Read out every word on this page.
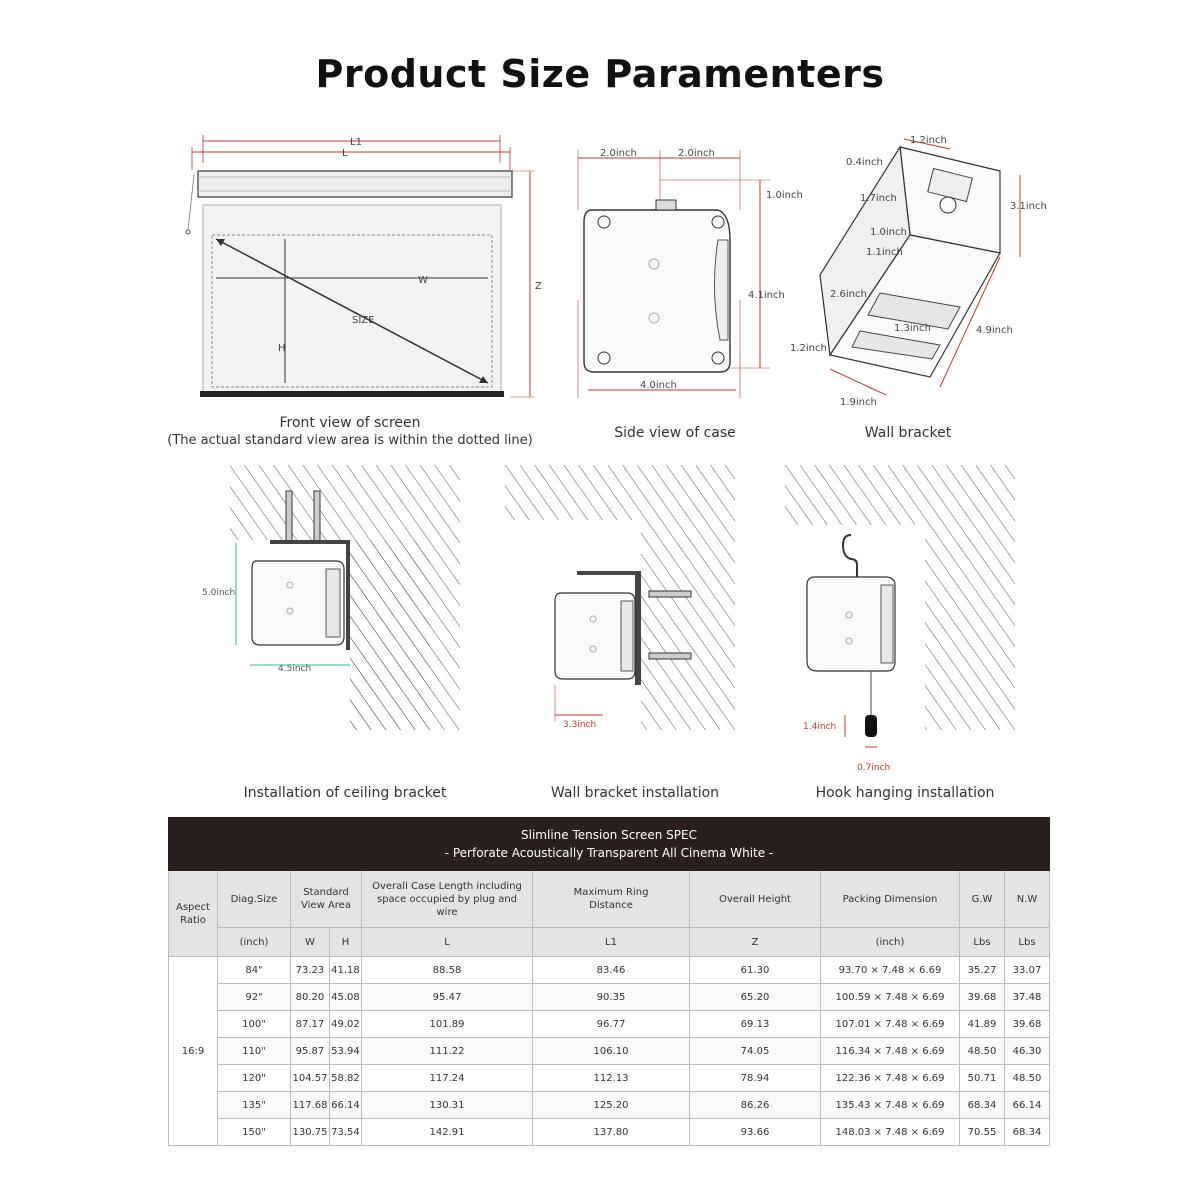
Product Size Paramenters
L1
L
Z
W
H
SIZE
Front view of screen
(The actual standard view area is within the dotted line)
2.0inch	2.0inch
1.0inch
4.1inch
4.0inch
Side view of case
1.2inch
0.4inch
1.7inch
3.1inch
1.0inch
1.1inch
2.6inch
1.3inch
1.2inch
4.9inch
1.9inch
Wall bracket
5.0inch
4.5inch
Installation of ceiling bracket
3.3inch
Wall bracket installation
1.4inch
0.7inch
Hook hanging installation
Slimline Tension Screen SPEC
- Perforate Acoustically Transparent All Cinema White -									

Aspect Ratio	Diag.Size	Standard View Area		Overall Case Length including space occupied by plug and wire	Maximum Ring Distance	Overall Height	Packing Dimension	G.W	N.W
	(inch)	W	H	L	L1	Z	(inch)	Lbs	Lbs
16:9	84"	73.23	41.18	88.58	83.46	61.30	93.70 × 7.48 × 6.69	35.27	33.07
	92"	80.20	45.08	95.47	90.35	65.20	100.59 × 7.48 × 6.69	39.68	37.48
	100"	87.17	49.02	101.89	96.77	69.13	107.01 × 7.48 × 6.69	41.89	39.68
	110"	95.87	53.94	111.22	106.10	74.05	116.34 × 7.48 × 6.69	48.50	46.30
	120"	104.57	58.82	117.24	112.13	78.94	122.36 × 7.48 × 6.69	50.71	48.50
	135"	117.68	66.14	130.31	125.20	86.26	135.43 × 7.48 × 6.69	68.34	66.14
	150"	130.75	73.54	142.91	137.80	93.66	148.03 × 7.48 × 6.69	70.55	68.34
